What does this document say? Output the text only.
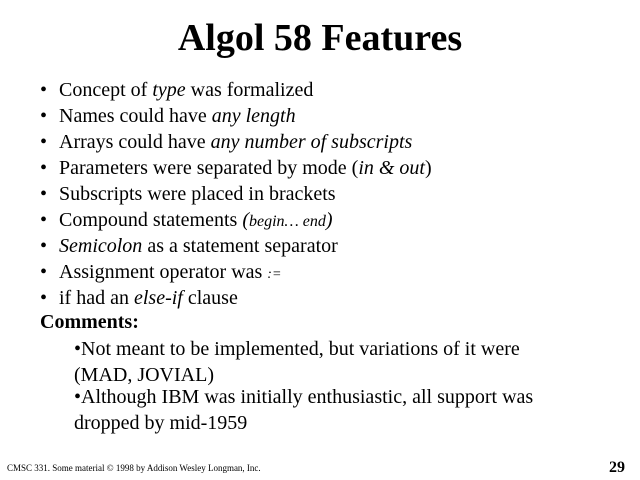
Algol 58 Features
• Concept of type was formalized
• Names could have any length
• Arrays could have any number of subscripts
• Parameters were separated by mode (in & out)
• Subscripts were placed in brackets
• Compound statements (begin… end)
• Semicolon as a statement separator
• Assignment operator was :=
• if had an else-if clause

Comments:

•Not meant to be implemented, but variations of it were (MAD, JOVIAL)

•Although IBM was initially enthusiastic, all support was dropped by mid-1959

CMSC 331. Some material © 1998 by Addison Wesley Longman, Inc.	29
